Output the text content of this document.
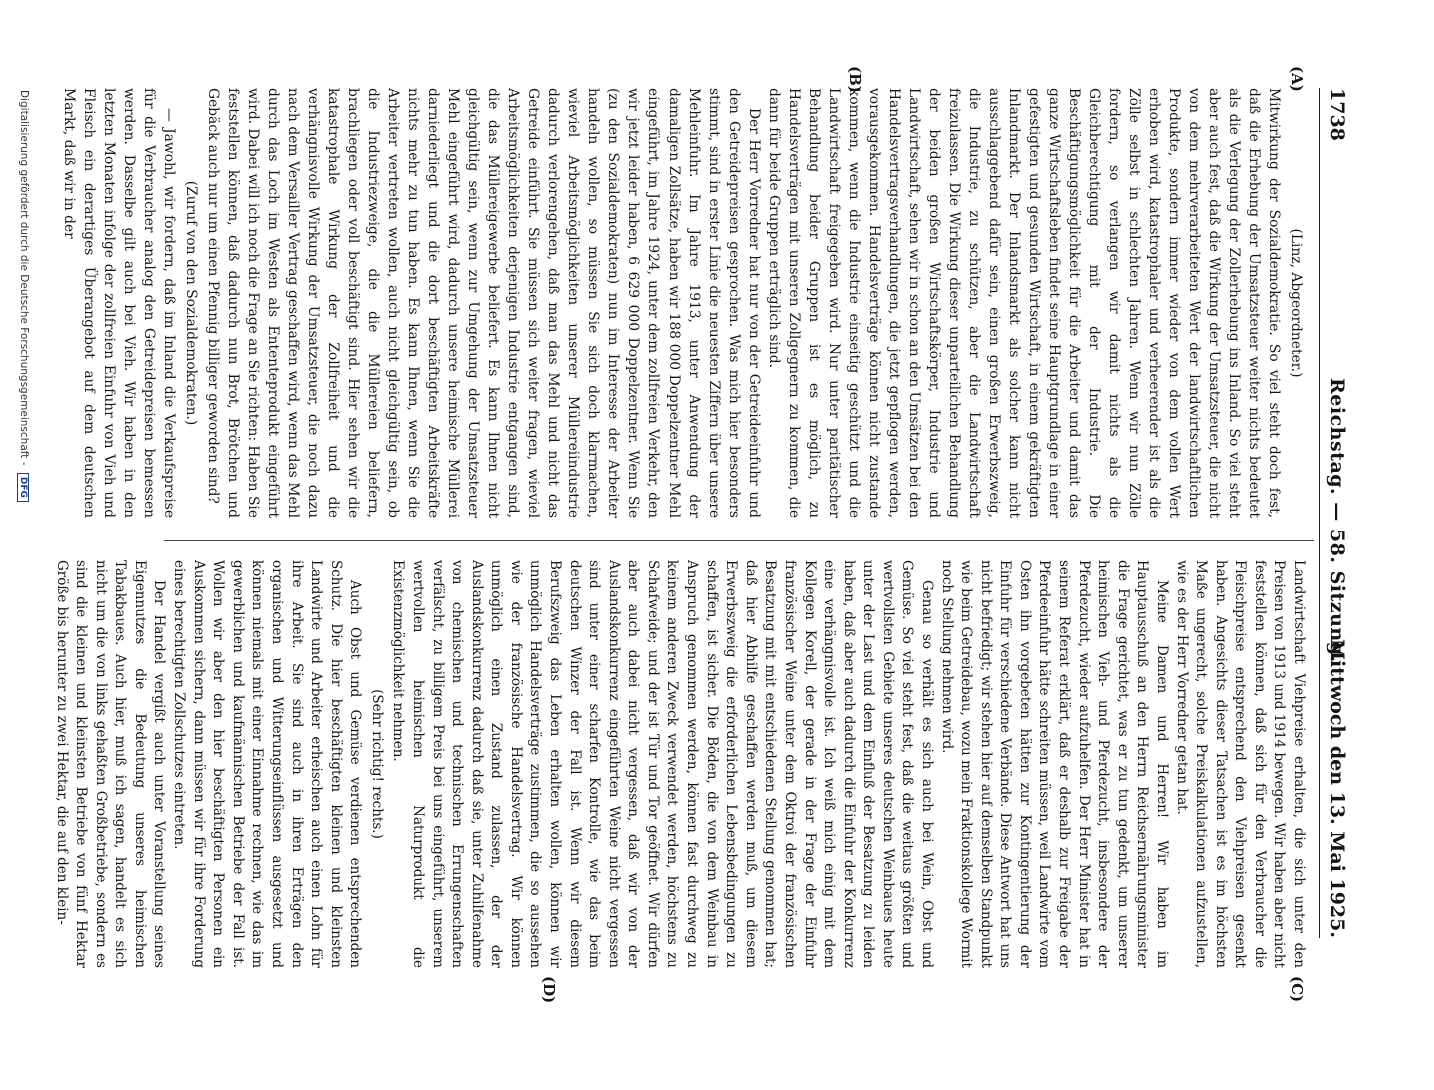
1738
Reichstag. — 58. Sitzung.
Mittwoch den 13. Mai 1925.
(A)
(B)
(C)
(D)

(Linz, Abgeordneter.)

Mitwirkung der Sozialdemokratie. So viel steht doch fest, daß die Erhebung der Umsatzsteuer weiter nichts bedeutet als die Verlegung der Zollerhebung ins Inland. So viel steht aber auch fest, daß die Wirkung der Umsatzsteuer, die nicht von dem mehrverarbeiteten Wert der landwirtschaftlichen Produkte, sondern immer wieder von dem vollen Wert erhoben wird, katastrophaler und verheerender ist als die Zölle selbst in schlechten Jahren. Wenn wir nun Zölle fordern, so verlangen wir damit nichts als die Gleichberechtigung mit der Industrie. Die Beschäftigungsmöglichkeit für die Arbeiter und damit das ganze Wirtschaftsleben findet seine Hauptgrundlage in einer gefestigten und gesunden Wirtschaft, in einem gekräftigten Inlandmarkt. Der Inlandsmarkt als solcher kann nicht ausschlaggebend dafür sein, einen großen Erwerbszweig, die Industrie, zu schützen, aber die Landwirtschaft freizulassen. Die Wirkung dieser unparteilichen Behandlung der beiden großen Wirtschaftskörper, Industrie und Landwirtschaft, sehen wir in schon an den Umsätzen bei den Handelsvertragsverhandlungen, die jetzt gepflogen werden, vorausgekommen. Handelsverträge können nicht zustande kommen, wenn die Industrie einseitig geschützt und die Landwirtschaft freigegeben wird. Nur unter paritätischer Behandlung beider Gruppen ist es möglich, zu Handelsverträgen mit unseren Zollgegnern zu kommen, die dann für beide Gruppen erträglich sind.

Der Herr Vorredner hat nur von der Getreideeinfuhr und den Getreidepreisen gesprochen. Was mich hier besonders stimmt, sind in erster Linie die neuesten Ziffern über unsere Mehleinfuhr. Im Jahre 1913, unter Anwendung der damaligen Zollsätze, haben wir 188 000 Doppelzentner Mehl eingeführt, im Jahre 1924, unter dem zollfreien Verkehr, den wir jetzt leider haben, 6 629 000 Doppelzentner. Wenn Sie (zu den Sozialdemokraten) nun im Interesse der Arbeiter handeln wollen, so müssen Sie sich doch klarmachen, wieviel Arbeitsmöglichkeiten unserer Müllereiindustrie dadurch verlorengehen, daß man das Mehl und nicht das Getreide einführt. Sie müssen sich weiter fragen, wieviel Arbeitsmöglichkeiten derjenigen Industrie entgangen sind, die das Müllereigewerbe beliefert. Es kann Ihnen nicht gleichgültig sein, wenn zur Umgehung der Umsatzsteuer Mehl eingeführt wird, dadurch unsere heimische Müllerei darniederliegt und die dort beschäftigten Arbeitskräfte nichts mehr zu tun haben. Es kann Ihnen, wenn Sie die Arbeiter vertreten wollen, auch nicht gleichgültig sein, ob die Industriezweige, die die Müllereien beliefern, brachliegen oder voll beschäftigt sind. Hier sehen wir die katastrophale Wirkung der Zollfreiheit und die verhängnisvolle Wirkung der Umsatzsteuer, die noch dazu nach dem Versailler Vertrag geschaffen wird, wenn das Mehl durch das Loch im Westen als Ententeprodukt eingeführt wird. Dabei will ich noch die Frage an Sie richten: Haben Sie feststellen können, daß dadurch nun Brot, Brötchen und Gebäck auch nur um einen Pfennig billiger geworden sind?

(Zuruf von den Sozialdemokraten.)

— Jawohl, wir fordern, daß im Inland die Verkaufspreise für die Verbraucher analog den Getreidepreisen bemessen werden. Dasselbe gilt auch bei Vieh. Wir haben in den letzten Monaten infolge der zollfreien Einfuhr von Vieh und Fleisch ein derartiges Überangebot auf dem deutschen Markt, daß wir in der

Landwirtschaft Viehpreise erhalten, die sich unter den Preisen von 1913 und 1914 bewegen. Wir haben aber nicht feststellen können, daß sich für den Verbraucher die Fleischpreise entsprechend den Viehpreisen gesenkt haben. Angesichts dieser Tatsachen ist es im höchsten Maße ungerecht, solche Preiskalkulationen aufzustellen, wie es der Herr Vorredner getan hat.

Meine Damen und Herren! Wir haben im Hauptausschuß an den Herrn Reichsernährungsminister die Frage gerichtet, was er zu tun gedenkt, um unserer heimischen Vieh- und Pferdezucht, insbesondere der Pferdezucht, wieder aufzuhelfen. Der Herr Minister hat in seinem Referat erklärt, daß er deshalb zur Freigabe der Pferdeeinfuhr hätte schreiten müssen, weil Landwirte vom Osten ihn vorgebeten hätten zur Kontingentierung der Einfuhr für verschiedene Verbände. Diese Antwort hat uns nicht befriedigt; wir stehen hier auf demselben Standpunkt wie beim Getreidebau, wozu mein Fraktionskollege Wormit noch Stellung nehmen wird.

Genau so verhält es sich auch bei Wein, Obst und Gemüse. So viel steht fest, daß die weitaus größten und wertvollsten Gebiete unseres deutschen Weinbaues heute unter der Last und dem Einfluß der Besatzung zu leiden haben, daß aber auch dadurch die Einfuhr der Konkurrenz eine verhängnisvolle ist. Ich weiß mich einig mit dem Kollegen Korell, der gerade in der Frage der Einfuhr französischer Weine unter dem Oktroi der französischen Besatzung mit mit entschiedenen Stellung genommen hat; daß hier Abhilfe geschaffen werden muß, um diesem Erwerbszweig die erforderlichen Lebensbedingungen zu schaffen, ist sicher. Die Böden, die von dem Weinbau in Anspruch genommen werden, können fast durchweg zu keinem anderen Zweck verwendet werden, höchstens zu Schafweide; und der ist Tür und Tor geöffnet. Wir dürfen aber auch dabei nicht vergessen, daß wir von der Auslandskonkurrenz eingeführten Weine nicht vergessen sind unter einer scharfen Kontrolle, wie das beim deutschen Winzer der Fall ist. Wenn wir diesem Berufszweig das Leben erhalten wollen, können wir unmöglich Handelsverträge zustimmen, die so aussehen wie der französische Handelsvertrag. Wir können unmöglich einen Zustand zulassen, der der Auslandskonkurrenz dadurch daß sie, unter Zuhilfenahme von chemischen und technischen Errungenschaften verfälscht, zu billigem Preis bei uns eingeführt, unserem wertvollen heimischen Naturprodukt die Existenzmöglichkeit nehmen.

(Sehr richtig! rechts.)

Auch Obst und Gemüse verdienen entsprechenden Schutz. Die hier beschäftigten kleinen und kleinsten Landwirte und Arbeiter erheischen auch einen Lohn für ihre Arbeit. Sie sind auch in ihren Erträgen den organischen und Witterungseinflüssen ausgesetzt und können niemals mit einer Einnahme rechnen, wie das im gewerblichen und kaufmännischen Betriebe der Fall ist. Wollen wir aber den hier beschäftigten Personen ein Auskommen sichern, dann müssen wir für ihre Forderung eines berechtigten Zollschutzes eintreten.

Der Handel vergißt auch unter Voranstellung seines Eigennutzes die Bedeutung unseres heimischen Tabakbaues. Auch hier, muß ich sagen, handelt es sich nicht um die von links gehaßten Großbetriebe, sondern es sind die kleinen und kleinsten Betriebe von fünf Hektar Größe bis herunter zu zwei Hektar, die auf den klein-

Digitalisierung gefördert durch die Deutsche Forschungsgemeinschaft - DFG
